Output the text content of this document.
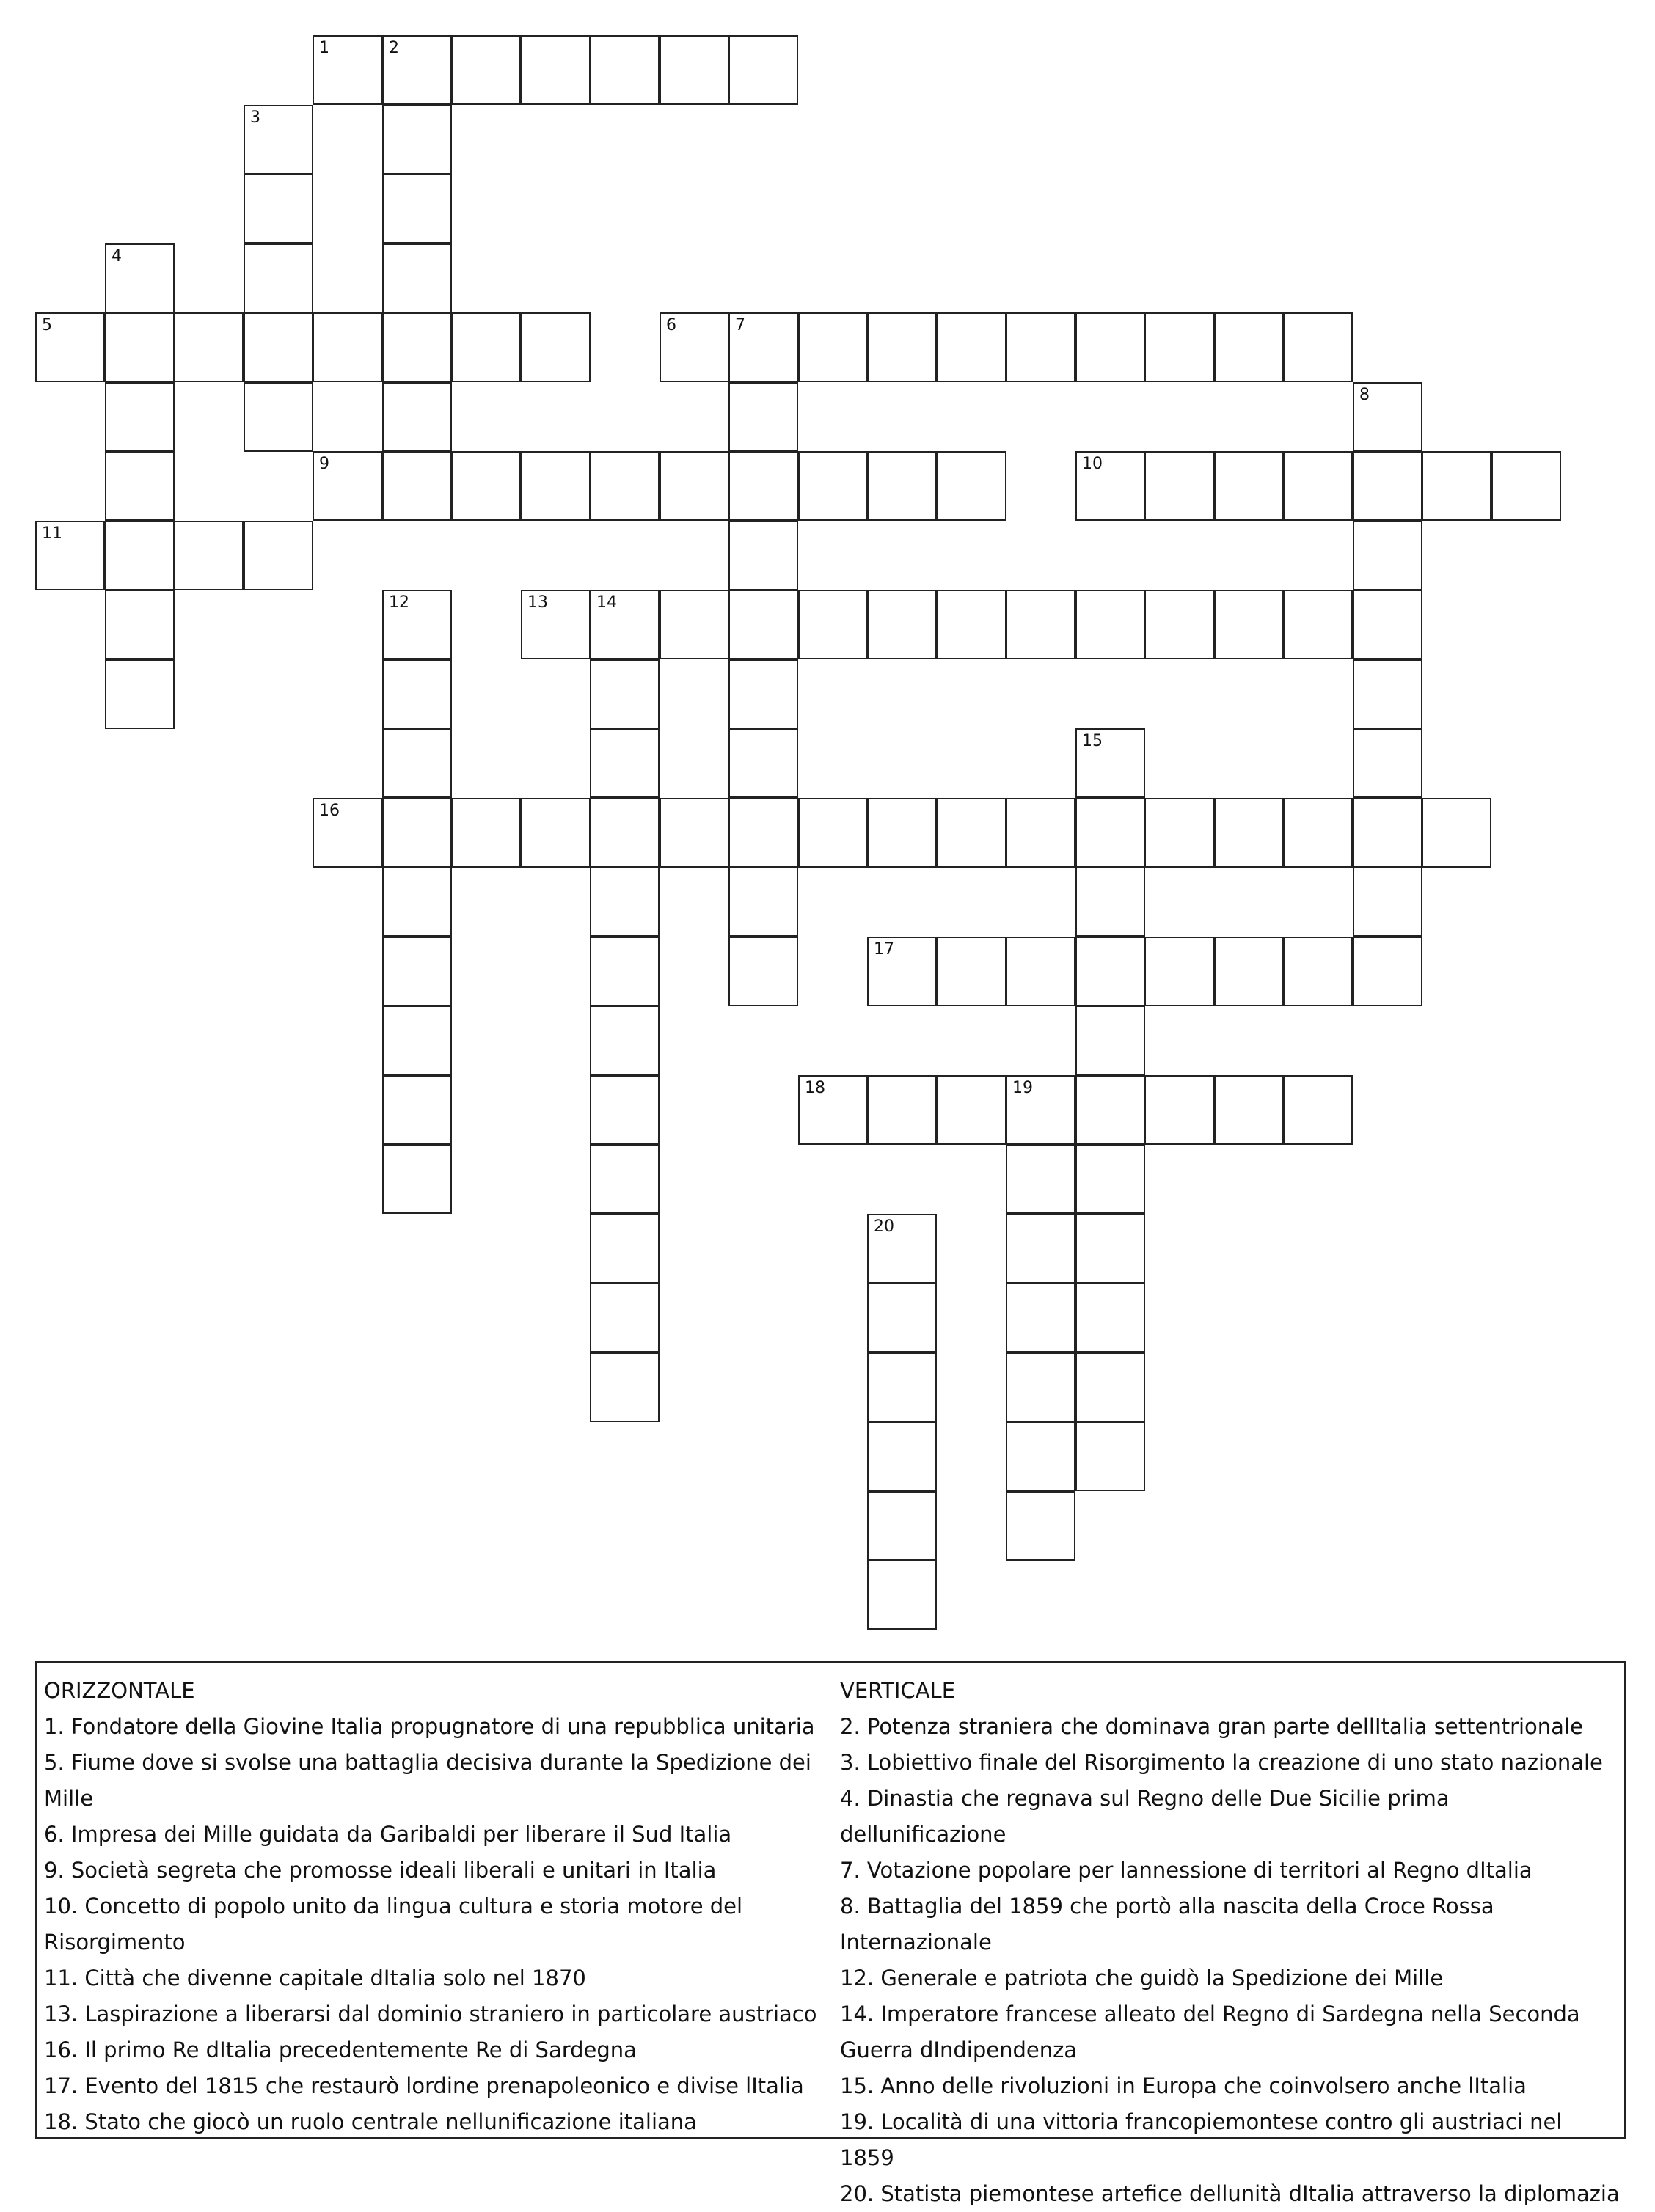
1	2
3
4
5	6	7
8
9	10
11
12	13	14
15
16
17
18	19
20
ORIZZONTALE
1. Fondatore della Giovine Italia propugnatore di una repubblica unitaria
5. Fiume dove si svolse una battaglia decisiva durante la Spedizione dei Mille
6. Impresa dei Mille guidata da Garibaldi per liberare il Sud Italia
9. Società segreta che promosse ideali liberali e unitari in Italia
10. Concetto di popolo unito da lingua cultura e storia motore del Risorgimento
11. Città che divenne capitale dItalia solo nel 1870
13. Laspirazione a liberarsi dal dominio straniero in particolare austriaco
16. Il primo Re dItalia precedentemente Re di Sardegna
17. Evento del 1815 che restaurò lordine prenapoleonico e divise lItalia
18. Stato che giocò un ruolo centrale nellunificazione italiana
VERTICALE
2. Potenza straniera che dominava gran parte dellItalia settentrionale
3. Lobiettivo finale del Risorgimento la creazione di uno stato nazionale
4. Dinastia che regnava sul Regno delle Due Sicilie prima dellunificazione
7. Votazione popolare per lannessione di territori al Regno dItalia
8. Battaglia del 1859 che portò alla nascita della Croce Rossa Internazionale
12. Generale e patriota che guidò la Spedizione dei Mille
14. Imperatore francese alleato del Regno di Sardegna nella Seconda Guerra dIndipendenza
15. Anno delle rivoluzioni in Europa che coinvolsero anche lItalia
19. Località di una vittoria francopiemontese contro gli austriaci nel 1859
20. Statista piemontese artefice dellunità dItalia attraverso la diplomazia
